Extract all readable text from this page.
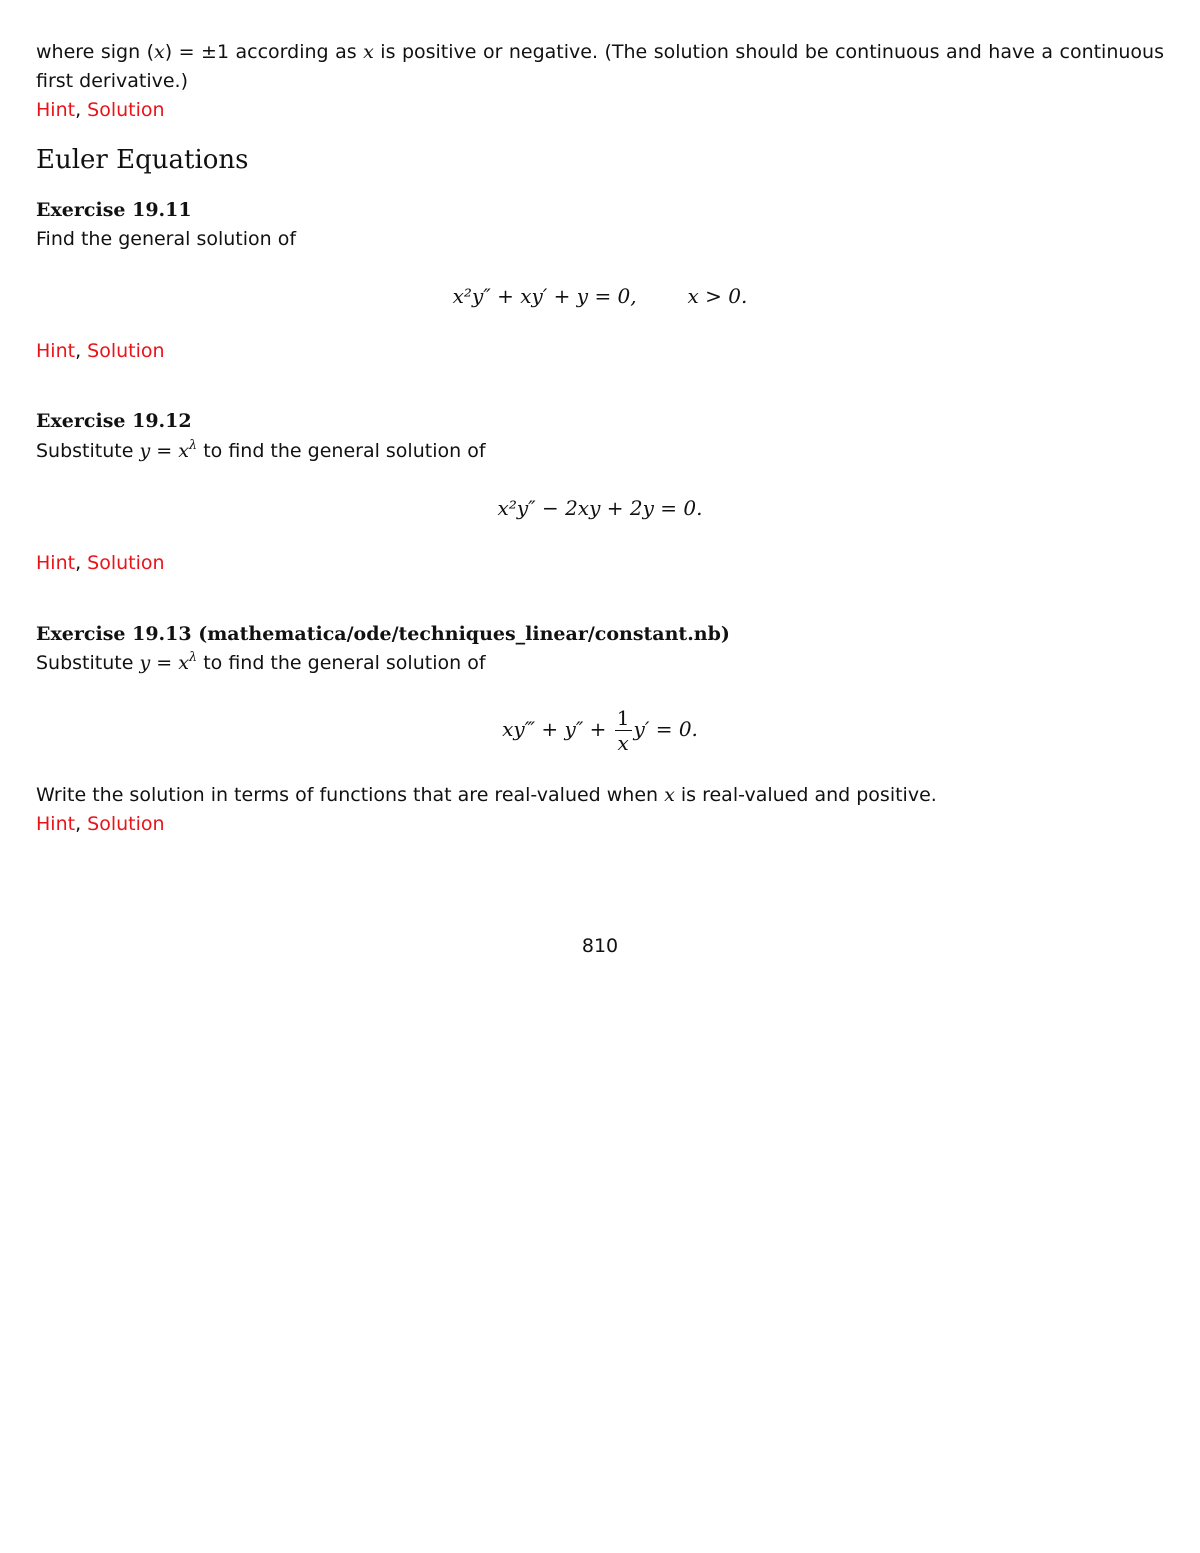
where sign (x) = ±1 according as x is positive or negative. (The solution should be continuous and have a continuous first derivative.)
Hint, Solution
Euler Equations
Exercise 19.11
Find the general solution of
x²y″ + xy′ + y = 0,        x > 0.
Hint, Solution
Exercise 19.12
Substitute $y = x^\lambda$ to find the general solution of
x²y″ − 2xy + 2y = 0.
Hint, Solution
Exercise 19.13 (mathematica/ode/techniques_linear/constant.nb)
Substitute $y = x^\lambda$ to find the general solution of
xy‴ + $y'' + \frac{1}{x} y' = 0$.
Write the solution in terms of functions that are real-valued when x is real-valued and positive.
Hint, Solution
810
